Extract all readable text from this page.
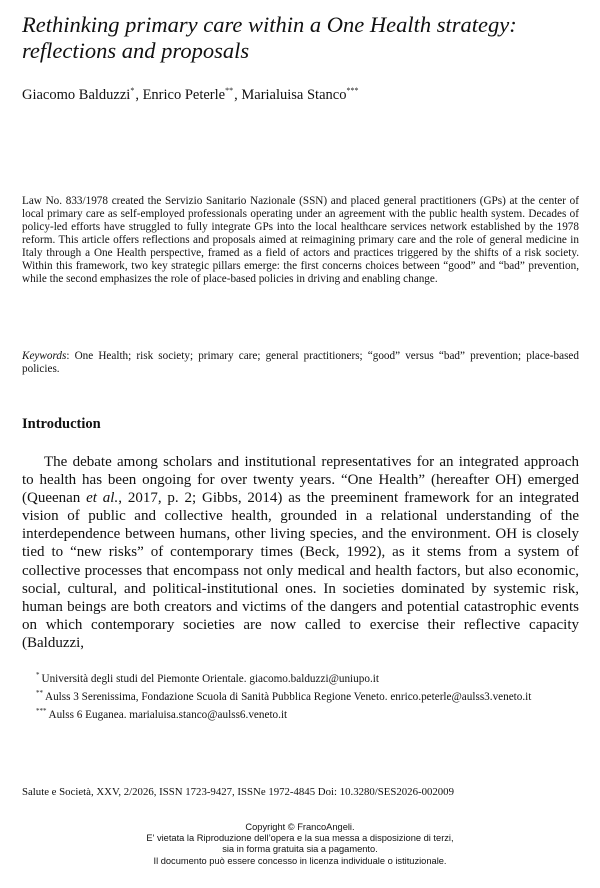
Rethinking primary care within a One Health strategy: reflections and proposals

Giacomo Balduzzi*, Enrico Peterle**, Marialuisa Stanco***

Law No. 833/1978 created the Servizio Sanitario Nazionale (SSN) and placed general practitioners (GPs) at the center of local primary care as self-employed professionals operating under an agreement with the public health system. Decades of policy-led efforts have struggled to fully integrate GPs into the local healthcare services network established by the 1978 reform. This article offers reflections and proposals aimed at reimagining primary care and the role of general medicine in Italy through a One Health perspective, framed as a field of actors and practices triggered by the shifts of a risk society. Within this framework, two key strategic pillars emerge: the first concerns choices between “good” and “bad” prevention, while the second emphasizes the role of place-based policies in driving and enabling change.

Keywords: One Health; risk society; primary care; general practitioners; “good” versus “bad” prevention; place-based policies.

Introduction

The debate among scholars and institutional representatives for an integrated approach to health has been ongoing for over twenty years. “One Health” (hereafter OH) emerged (Queenan et al., 2017, p. 2; Gibbs, 2014) as the preeminent framework for an integrated vision of public and collective health, grounded in a relational understanding of the interdependence between humans, other living species, and the environment. OH is closely tied to “new risks” of contemporary times (Beck, 1992), as it stems from a system of collective processes that encompass not only medical and health factors, but also economic, social, cultural, and political-institutional ones. In societies dominated by systemic risk, human beings are both creators and victims of the dangers and potential catastrophic events on which contemporary societies are now called to exercise their reflective capacity (Balduzzi,

* Università degli studi del Piemonte Orientale. giacomo.balduzzi@uniupo.it

** Aulss 3 Serenissima, Fondazione Scuola di Sanità Pubblica Regione Veneto. enrico.peterle@aulss3.veneto.it

*** Aulss 6 Euganea. marialuisa.stanco@aulss6.veneto.it

Salute e Società, XXV, 2/2026, ISSN 1723-9427, ISSNe 1972-4845 Doi: 10.3280/SES2026-002009

Copyright © FrancoAngeli.

E' vietata la Riproduzione dell’opera e la sua messa a disposizione di terzi,

sia in forma gratuita sia a pagamento.

Il documento può essere concesso in licenza individuale o istituzionale.
